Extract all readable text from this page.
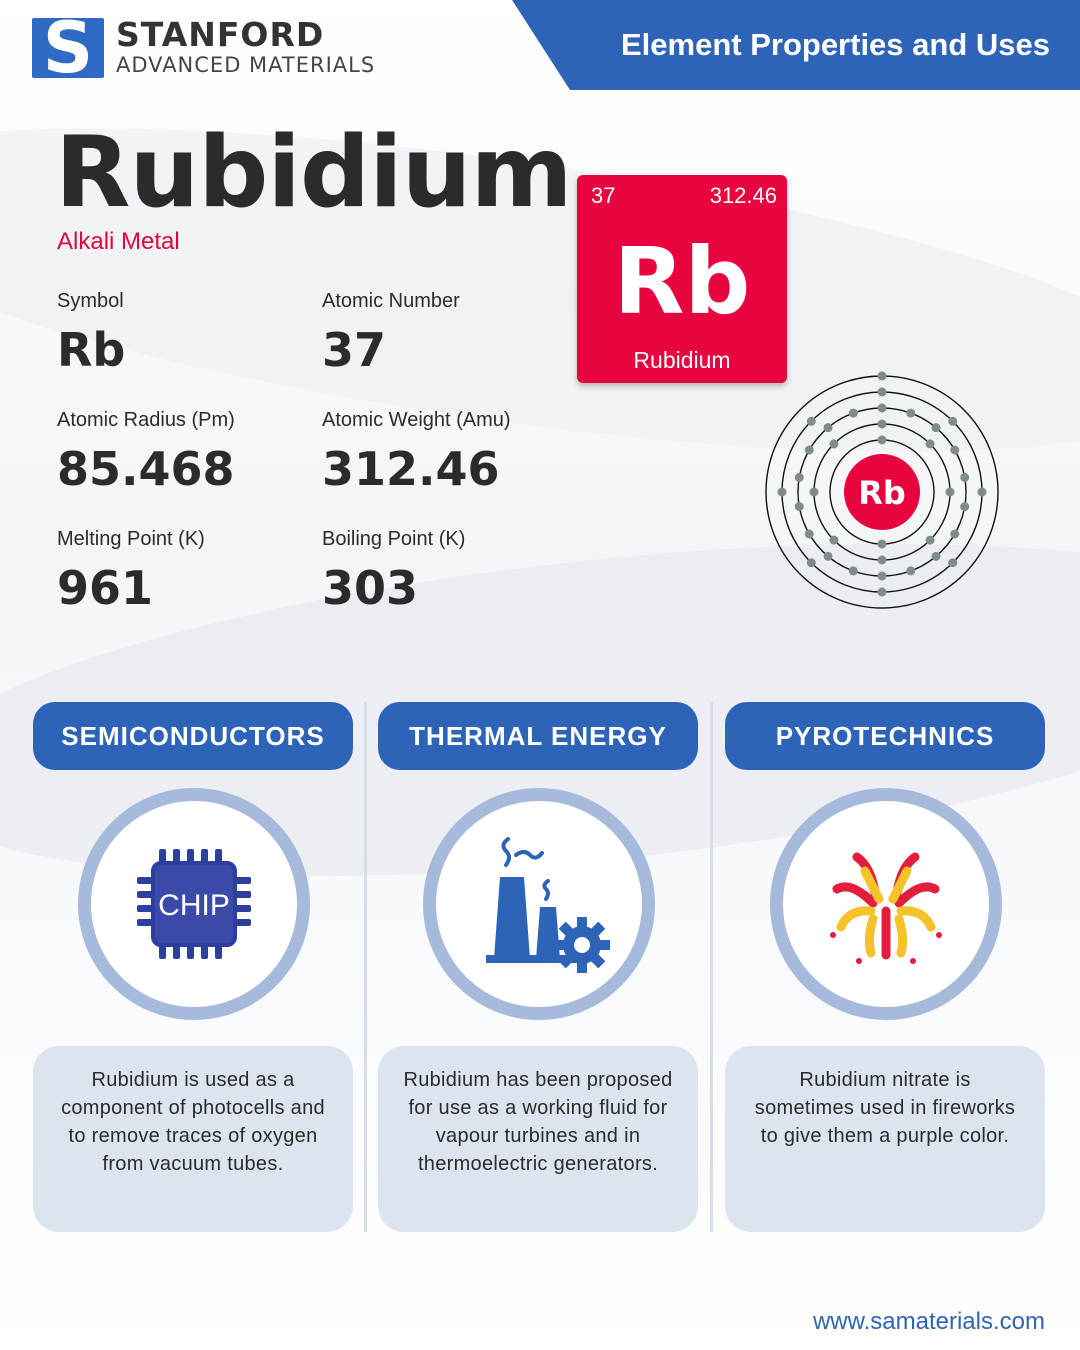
S STANFORD
ADVANCED MATERIALS
Element Properties and Uses
Rubidium
Alkali Metal
Symbol
Rb
Atomic Number
37
Atomic Radius (Pm)
85.468
Atomic Weight (Amu)
312.46
Melting Point (K)
961
Boiling Point (K)
303
37	312.46
Rb
Rubidium
Rb
SEMICONDUCTORS
CHIP
Rubidium is used as a component of photocells and to remove traces of oxygen from vacuum tubes.
THERMAL ENERGY
Rubidium has been proposed for use as a working fluid for vapour turbines and in thermoelectric generators.
PYROTECHNICS
Rubidium nitrate is sometimes used in fireworks to give them a purple color.
www.samaterials.com
